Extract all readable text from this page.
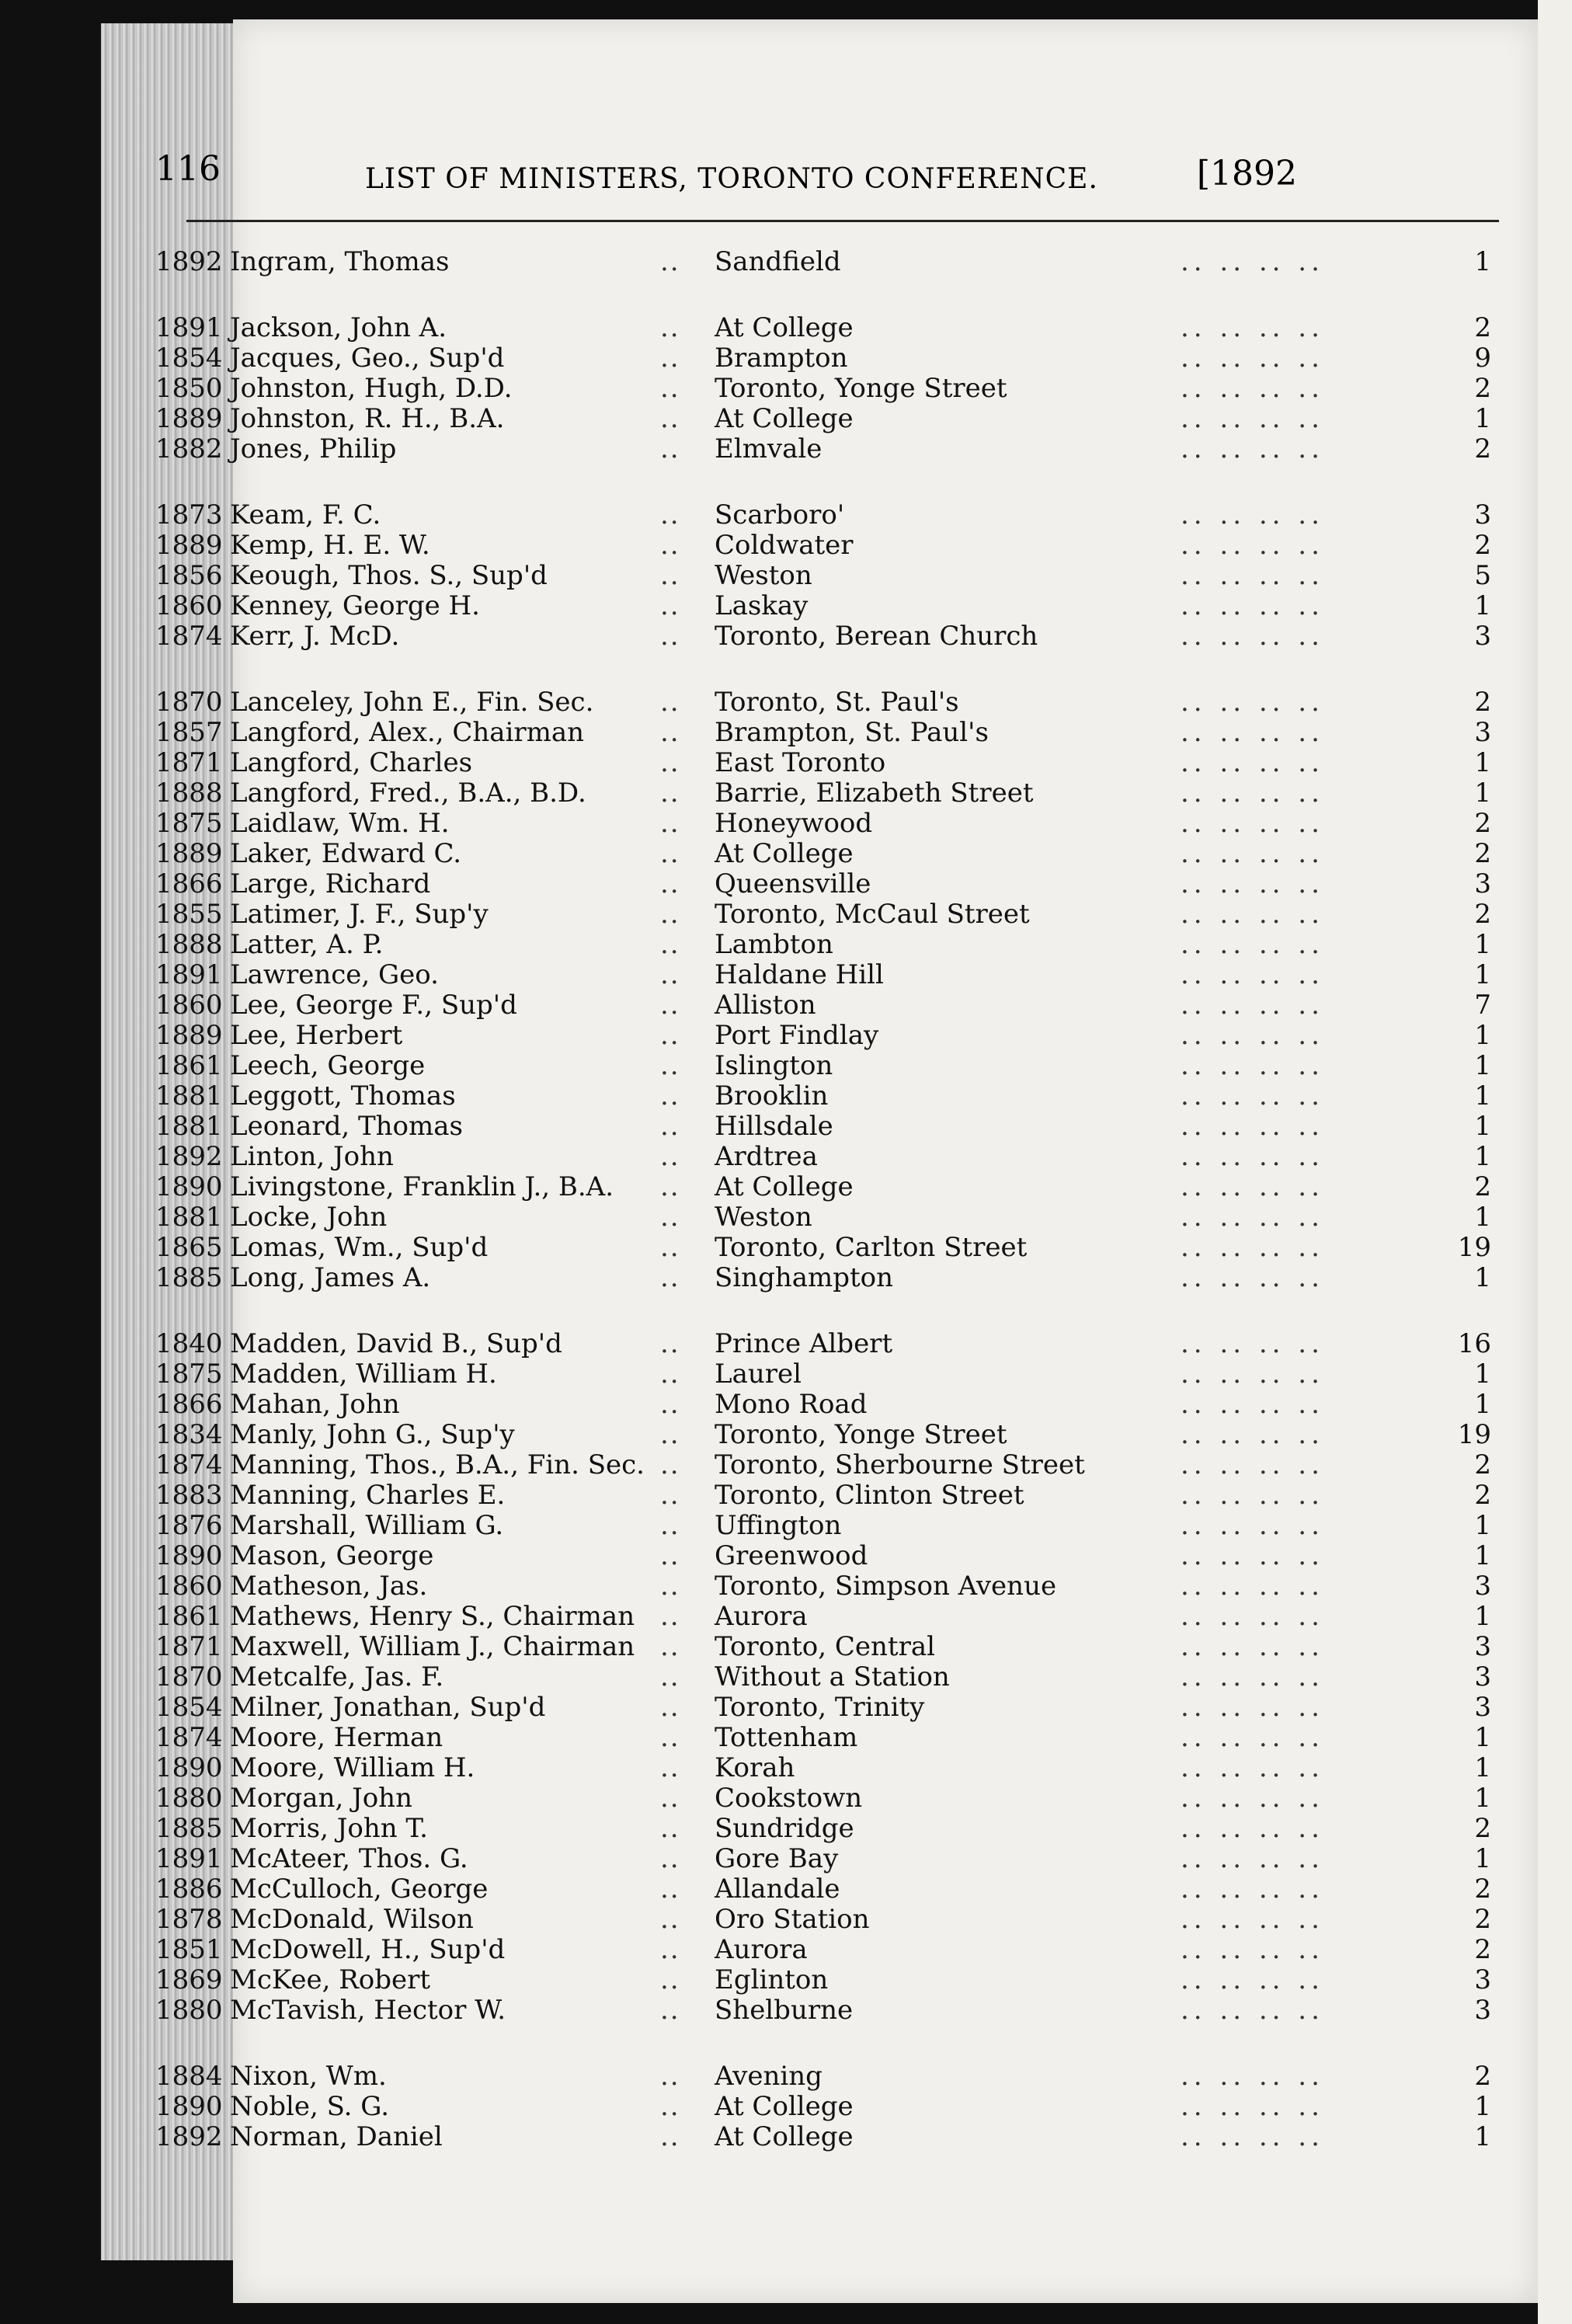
116	LIST OF MINISTERS, TORONTO CONFERENCE.	[1892
1892 Ingram, Thomas	.. Sandfield	.. .. .. ..	1
1891 Jackson, John A.	.. At College	.. .. .. ..	2
1854 Jacques, Geo., Sup'd	.. Brampton	.. .. .. ..	9
1850 Johnston, Hugh, D.D.	.. Toronto, Yonge Street	.. .. .. ..	2
1889 Johnston, R. H., B.A.	.. At College	.. .. .. ..	1
1882 Jones, Philip	.. Elmvale	.. .. .. ..	2
1873 Keam, F. C.	.. Scarboro'	.. .. .. ..	3
1889 Kemp, H. E. W.	.. Coldwater	.. .. .. ..	2
1856 Keough, Thos. S., Sup'd	.. Weston	.. .. .. ..	5
1860 Kenney, George H.	.. Laskay	.. .. .. ..	1
1874 Kerr, J. McD.	.. Toronto, Berean Church	.. .. .. ..	3
1870 Lanceley, John E., Fin. Sec.	.. Toronto, St. Paul's	.. .. .. ..	2
1857 Langford, Alex., Chairman	.. Brampton, St. Paul's	.. .. .. ..	3
1871 Langford, Charles	.. East Toronto	.. .. .. ..	1
1888 Langford, Fred., B.A., B.D.	.. Barrie, Elizabeth Street	.. .. .. ..	1
1875 Laidlaw, Wm. H.	.. Honeywood	.. .. .. ..	2
1889 Laker, Edward C.	.. At College	.. .. .. ..	2
1866 Large, Richard	.. Queensville	.. .. .. ..	3
1855 Latimer, J. F., Sup'y	.. Toronto, McCaul Street	.. .. .. ..	2
1888 Latter, A. P.	.. Lambton	.. .. .. ..	1
1891 Lawrence, Geo.	.. Haldane Hill	.. .. .. ..	1
1860 Lee, George F., Sup'd	.. Alliston	.. .. .. ..	7
1889 Lee, Herbert	.. Port Findlay	.. .. .. ..	1
1861 Leech, George	.. Islington	.. .. .. ..	1
1881 Leggott, Thomas	.. Brooklin	.. .. .. ..	1
1881 Leonard, Thomas	.. Hillsdale	.. .. .. ..	1
1892 Linton, John	.. Ardtrea	.. .. .. ..	1
1890 Livingstone, Franklin J., B.A. .. At College	.. .. .. ..	2
1881 Locke, John	.. Weston	.. .. .. ..	1
1865 Lomas, Wm., Sup'd	.. Toronto, Carlton Street	.. .. .. ..	19
1885 Long, James A.	.. Singhampton	.. .. .. ..	1
1840 Madden, David B., Sup'd	.. Prince Albert	.. .. .. ..	16
1875 Madden, William H.	.. Laurel	.. .. .. ..	1
1866 Mahan, John	.. Mono Road	.. .. .. ..	1
1834 Manly, John G., Sup'y	.. Toronto, Yonge Street	.. .. .. ..	19
1874 Manning, Thos., B.A., Fin. Sec. .. Toronto, Sherbourne Street	.. .. .. ..	2
1883 Manning, Charles E.	.. Toronto, Clinton Street	.. .. .. ..	2
1876 Marshall, William G.	.. Uffington	.. .. .. ..	1
1890 Mason, George	.. Greenwood	.. .. .. ..	1
1860 Matheson, Jas.	.. Toronto, Simpson Avenue	.. .. .. ..	3
1861 Mathews, Henry S., Chairman .. Aurora	.. .. .. ..	1
1871 Maxwell, William J., Chairman .. Toronto, Central	.. .. .. ..	3
1870 Metcalfe, Jas. F.	.. Without a Station	.. .. .. ..	3
1854 Milner, Jonathan, Sup'd	.. Toronto, Trinity	.. .. .. ..	3
1874 Moore, Herman	.. Tottenham	.. .. .. ..	1
1890 Moore, William H.	.. Korah	.. .. .. ..	1
1880 Morgan, John	.. Cookstown	.. .. .. ..	1
1885 Morris, John T.	.. Sundridge	.. .. .. ..	2
1891 McAteer, Thos. G.	.. Gore Bay	.. .. .. ..	1
1886 McCulloch, George	.. Allandale	.. .. .. ..	2
1878 McDonald, Wilson	.. Oro Station	.. .. .. ..	2
1851 McDowell, H., Sup'd	.. Aurora	.. .. .. ..	2
1869 McKee, Robert	.. Eglinton	.. .. .. ..	3
1880 McTavish, Hector W.	.. Shelburne	.. .. .. ..	3
1884 Nixon, Wm.	.. Avening	.. .. .. ..	2
1890 Noble, S. G.	.. At College	.. .. .. ..	1
1892 Norman, Daniel	.. At College	.. .. .. ..	1
